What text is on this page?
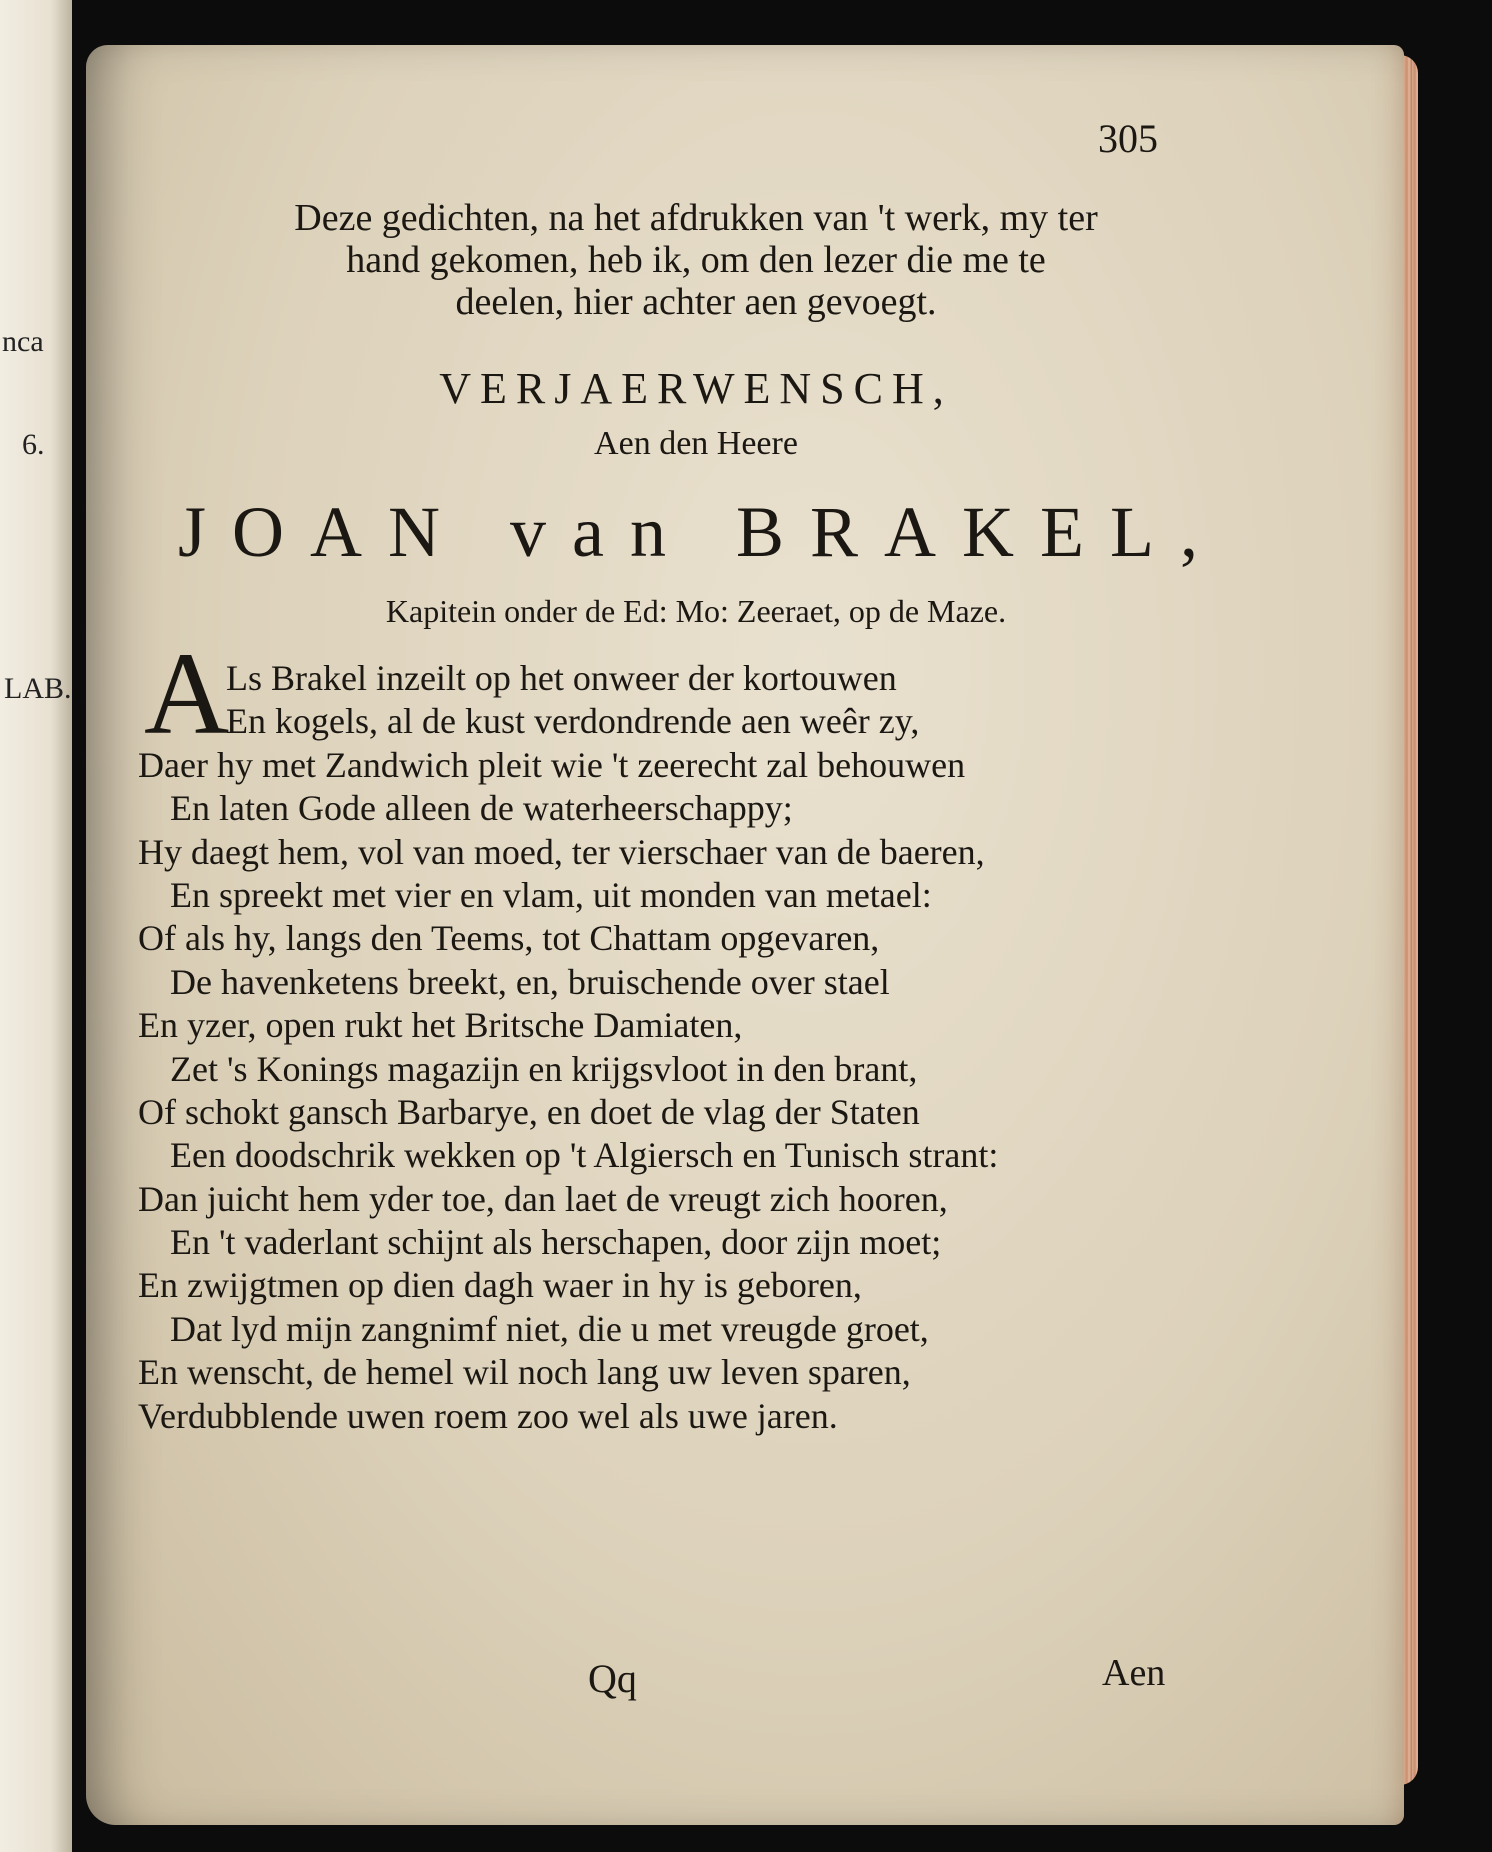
nca
6.
LAB.
305
Deze gedichten, na het afdrukken van 't werk, my ter
hand gekomen, heb ik, om den lezer die me te
deelen, hier achter aen gevoegt.
VERJAERWENSCH,
Aen den Heere
JOAN van BRAKEL,
Kapitein onder de Ed: Mo: Zeeraet, op de Maze.
A
Ls Brakel inzeilt op het onweer der kortouwen
En kogels, al de kust verdondrende aen weêr zy,
Daer hy met Zandwich pleit wie 't zeerecht zal behouwen
En laten Gode alleen de waterheerschappy;
Hy daegt hem, vol van moed, ter vierschaer van de baeren,
En spreekt met vier en vlam, uit monden van metael:
Of als hy, langs den Teems, tot Chattam opgevaren,
De havenketens breekt, en, bruischende over stael
En yzer, open rukt het Britsche Damiaten,
Zet 's Konings magazijn en krijgsvloot in den brant,
Of schokt gansch Barbarye, en doet de vlag der Staten
Een doodschrik wekken op 't Algiersch en Tunisch strant:
Dan juicht hem yder toe, dan laet de vreugt zich hooren,
En 't vaderlant schijnt als herschapen, door zijn moet;
En zwijgtmen op dien dagh waer in hy is geboren,
Dat lyd mijn zangnimf niet, die u met vreugde groet,
En wenscht, de hemel wil noch lang uw leven sparen,
Verdubblende uwen roem zoo wel als uwe jaren.
Qq	Aen
